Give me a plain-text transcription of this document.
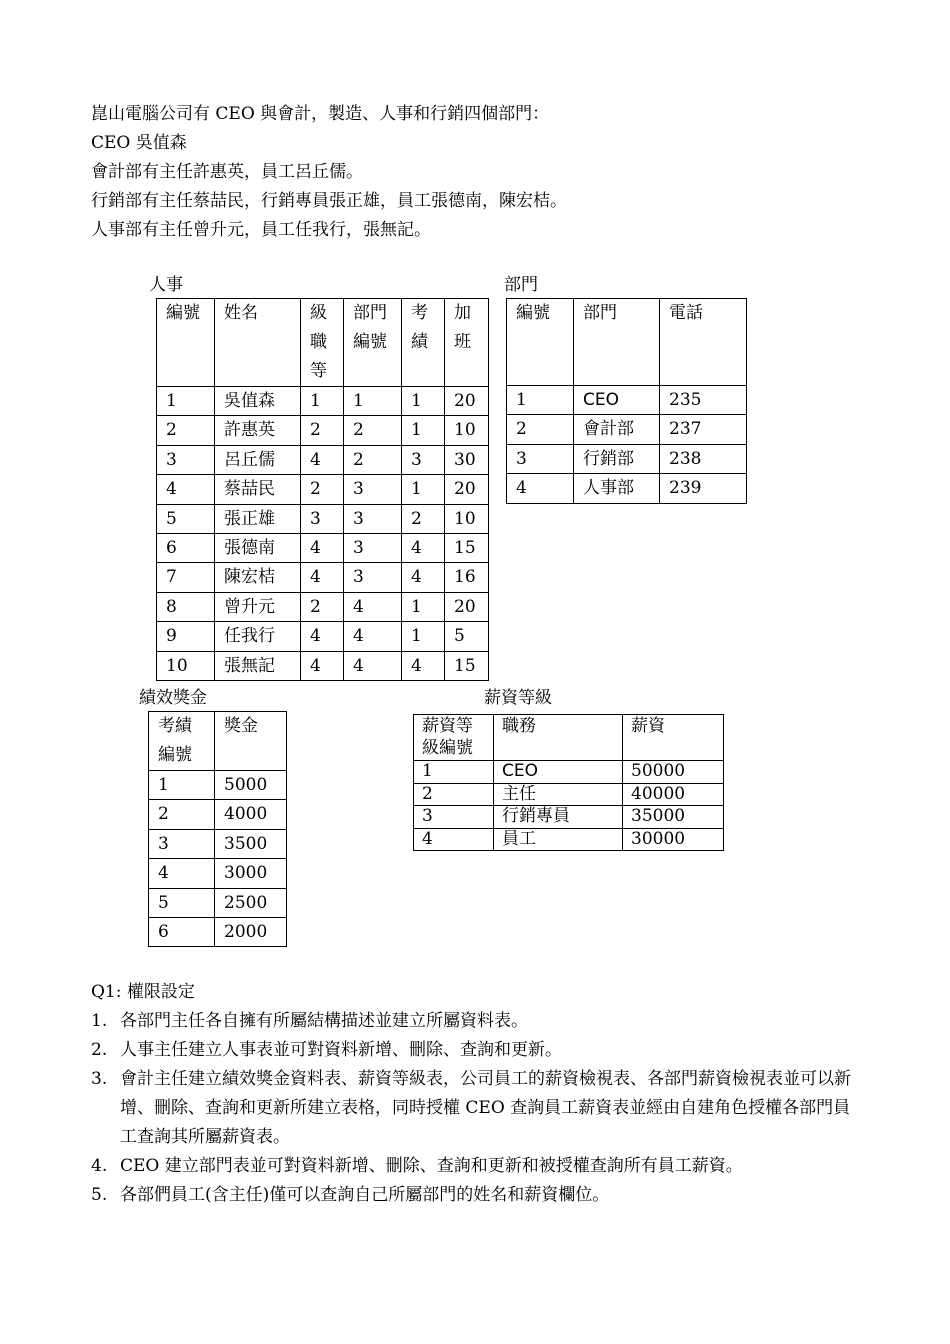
崑山電腦公司有 CEO 與會計，製造、人事和行銷四個部門：

CEO 吳值森

會計部有主任許惠英，員工呂丘儒。

行銷部有主任蔡喆民，行銷專員張正雄，員工張德南，陳宏桔。

人事部有主任曾升元，員工任我行，張無記。

人事
編號	姓名	級職等	部門編號	考績	加班
1	吳值森	1	1	1	20
2	許惠英	2	2	1	10
3	呂丘儒	4	2	3	30
4	蔡喆民	2	3	1	20
5	張正雄	3	3	2	10
6	張德南	4	3	4	15
7	陳宏桔	4	3	4	16
8	曾升元	2	4	1	20
9	任我行	4	4	1	5
10	張無記	4	4	4	15
部門
編號	部門	電話
1	CEO	235
2	會計部	237
3	行銷部	238
4	人事部	239
績效獎金
考績編號	獎金
1	5000
2	4000
3	3500
4	3000
5	2500
6	2000
薪資等級
薪資等級編號	職務	薪資
1	CEO	50000
2	主任	40000
3	行銷專員	35000
4	員工	30000

Q1: 權限設定

1. 各部門主任各自擁有所屬結構描述並建立所屬資料表。
2. 人事主任建立人事表並可對資料新增、刪除、查詢和更新。
3. 會計主任建立績效獎金資料表、薪資等級表，公司員工的薪資檢視表、各部門薪資檢視表並可以新增、刪除、查詢和更新所建立表格，同時授權 CEO 查詢員工薪資表並經由自建角色授權各部門員工查詢其所屬薪資表。
4. CEO 建立部門表並可對資料新增、刪除、查詢和更新和被授權查詢所有員工薪資。
5. 各部們員工(含主任)僅可以查詢自己所屬部門的姓名和薪資欄位。
